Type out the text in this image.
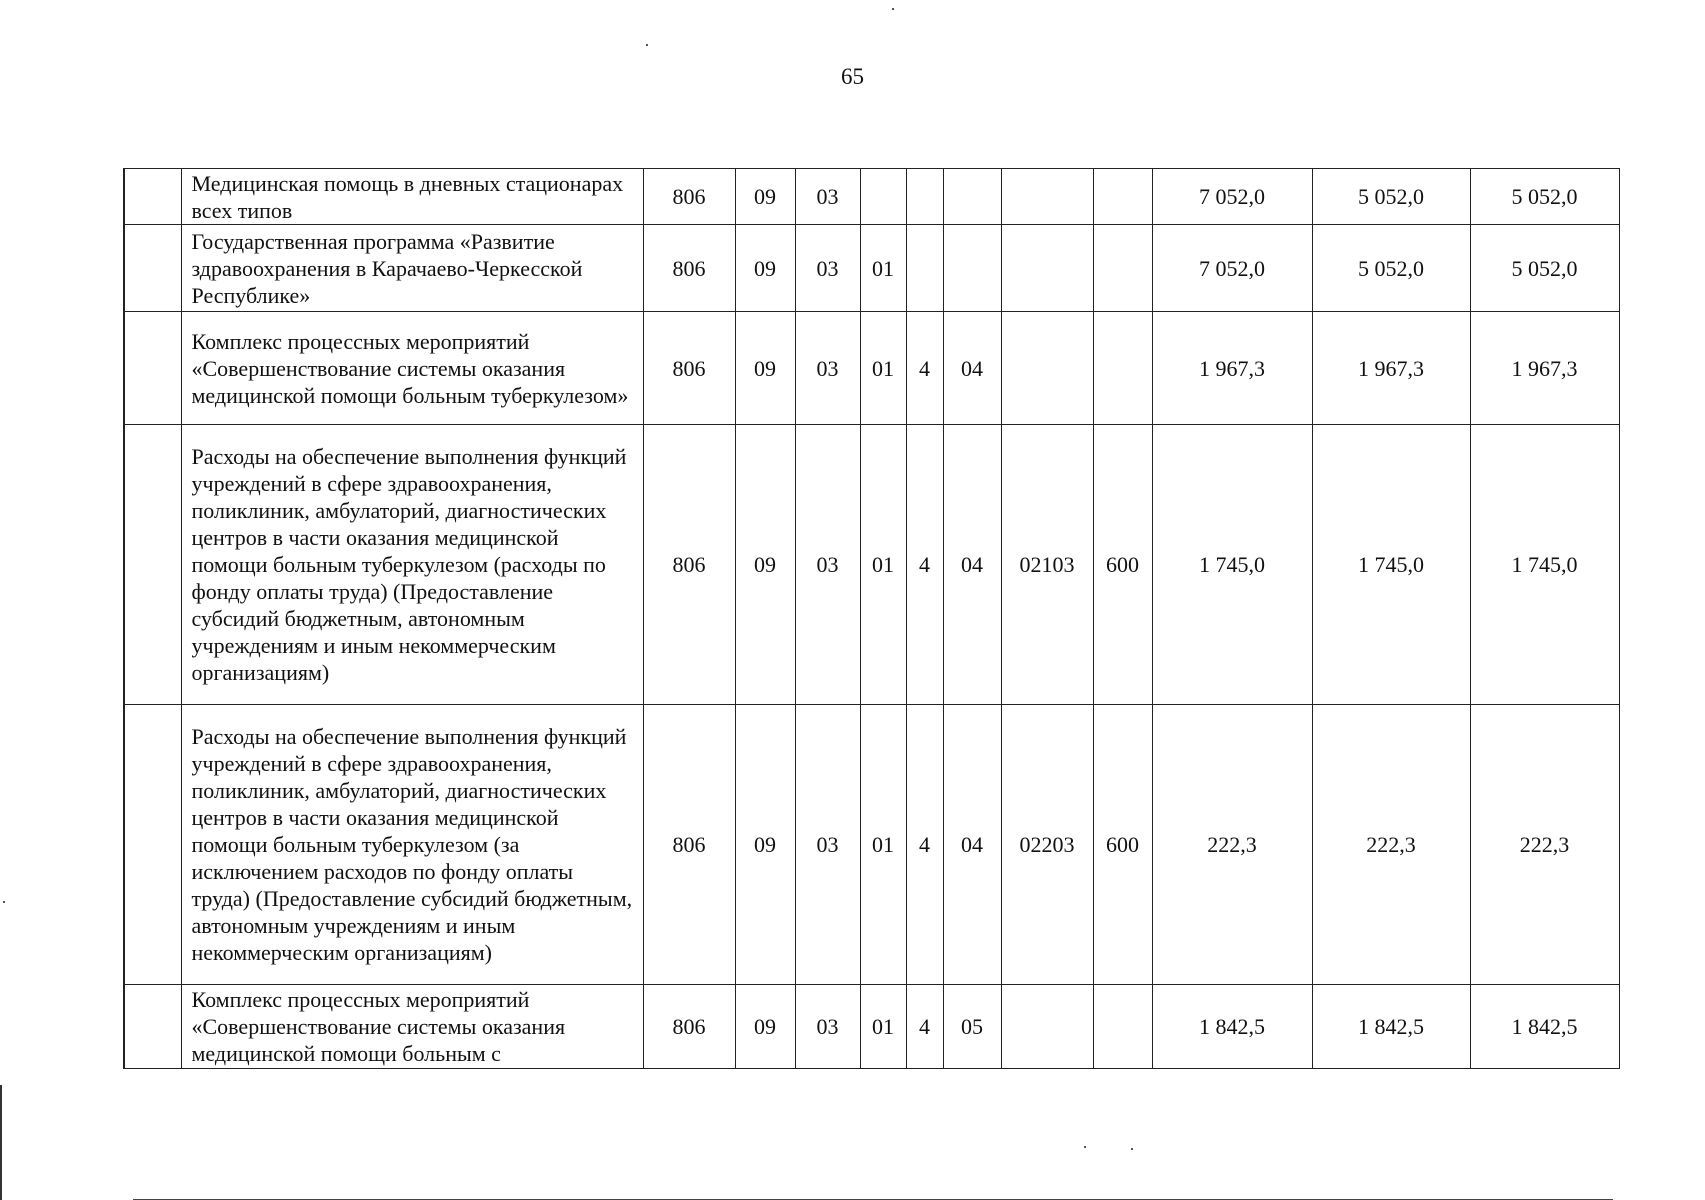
65
	Медицинская помощь в дневных стационарах всех типов	806	09	03						7 052,0	5 052,0	5 052,0
	Государственная программа «Развитие здравоохранения в Карачаево-Черкесской Республике»	806	09	03	01					7 052,0	5 052,0	5 052,0
	Комплекс процессных мероприятий «Совершенствование системы оказания медицинской помощи больным туберкулезом»	806	09	03	01	4	04			1 967,3	1 967,3	1 967,3
	Расходы на обеспечение выполнения функций учреждений в сфере здравоохранения, поликлиник, амбулаторий, диагностических центров в части оказания медицинской помощи больным туберкулезом (расходы по фонду оплаты труда) (Предоставление субсидий бюджетным, автономным учреждениям и иным некоммерческим организациям)	806	09	03	01	4	04	02103	600	1 745,0	1 745,0	1 745,0
	Расходы на обеспечение выполнения функций учреждений в сфере здравоохранения, поликлиник, амбулаторий, диагностических центров в части оказания медицинской помощи больным туберкулезом (за исключением расходов по фонду оплаты труда) (Предоставление субсидий бюджетным, автономным учреждениям и иным некоммерческим организациям)	806	09	03	01	4	04	02203	600	222,3	222,3	222,3
	Комплекс процессных мероприятий «Совершенствование системы оказания медицинской помощи больным с	806	09	03	01	4	05			1 842,5	1 842,5	1 842,5
